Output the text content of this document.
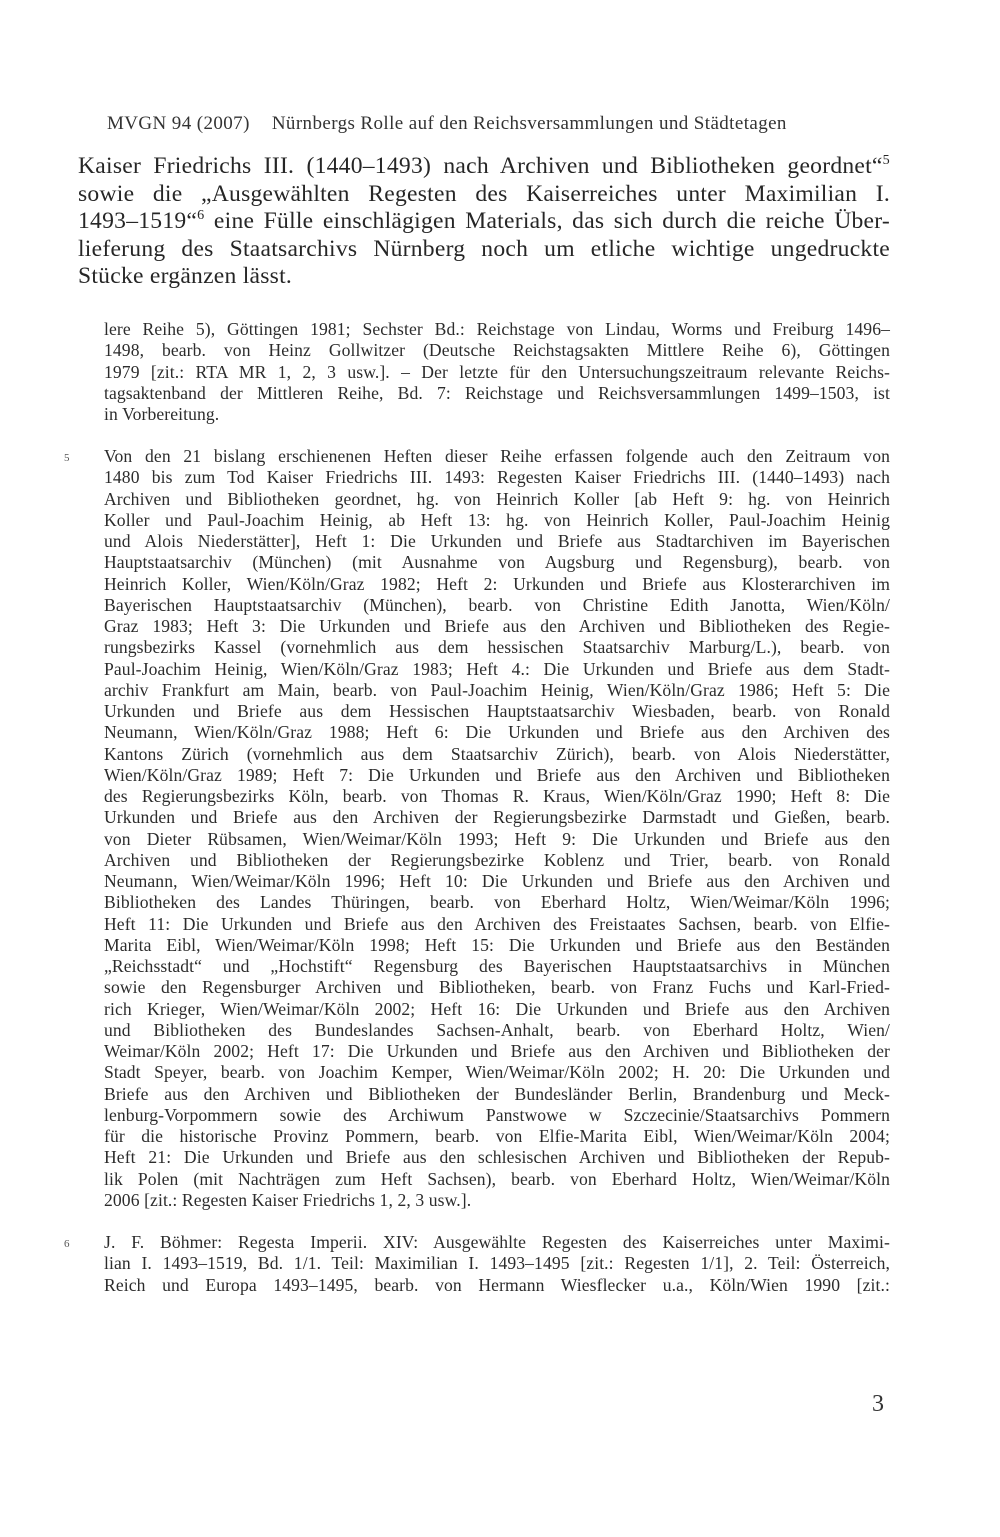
MVGN 94 (2007) Nürnbergs Rolle auf den Reichsversammlungen und Städtetagen
Kaiser Friedrichs III. (1440–1493) nach Archiven und Bibliotheken geordnet“$^5$
sowie die „Ausgewählten Regesten des Kaiserreiches unter Maximilian I.
1493–1519“$^6$ eine Fülle einschlägigen Materials, das sich durch die reiche Über-
lieferung des Staatsarchivs Nürnberg noch um etliche wichtige ungedruckte
Stücke ergänzen lässt.
lere Reihe 5), Göttingen 1981; Sechster Bd.: Reichstage von Lindau, Worms und Freiburg 1496–
1498, bearb. von Heinz Gollwitzer (Deutsche Reichstagsakten Mittlere Reihe 6), Göttingen
1979 [zit.: RTA MR 1, 2, 3 usw.]. – Der letzte für den Untersuchungszeitraum relevante Reichs-
tagsaktenband der Mittleren Reihe, Bd. 7: Reichstage und Reichsversammlungen 1499–1503, ist
in Vorbereitung.
5 Von den 21 bislang erschienenen Heften dieser Reihe erfassen folgende auch den Zeitraum von
1480 bis zum Tod Kaiser Friedrichs III. 1493: Regesten Kaiser Friedrichs III. (1440–1493) nach
Archiven und Bibliotheken geordnet, hg. von Heinrich Koller [ab Heft 9: hg. von Heinrich
Koller und Paul-Joachim Heinig, ab Heft 13: hg. von Heinrich Koller, Paul-Joachim Heinig
und Alois Niederstätter], Heft 1: Die Urkunden und Briefe aus Stadtarchiven im Bayerischen
Hauptstaatsarchiv (München) (mit Ausnahme von Augsburg und Regensburg), bearb. von
Heinrich Koller, Wien/Köln/Graz 1982; Heft 2: Urkunden und Briefe aus Klosterarchiven im
Bayerischen Hauptstaatsarchiv (München), bearb. von Christine Edith Janotta, Wien/Köln/
Graz 1983; Heft 3: Die Urkunden und Briefe aus den Archiven und Bibliotheken des Regie-
rungsbezirks Kassel (vornehmlich aus dem hessischen Staatsarchiv Marburg/L.), bearb. von
Paul-Joachim Heinig, Wien/Köln/Graz 1983; Heft 4.: Die Urkunden und Briefe aus dem Stadt-
archiv Frankfurt am Main, bearb. von Paul-Joachim Heinig, Wien/Köln/Graz 1986; Heft 5: Die
Urkunden und Briefe aus dem Hessischen Hauptstaatsarchiv Wiesbaden, bearb. von Ronald
Neumann, Wien/Köln/Graz 1988; Heft 6: Die Urkunden und Briefe aus den Archiven des
Kantons Zürich (vornehmlich aus dem Staatsarchiv Zürich), bearb. von Alois Niederstätter,
Wien/Köln/Graz 1989; Heft 7: Die Urkunden und Briefe aus den Archiven und Bibliotheken
des Regierungsbezirks Köln, bearb. von Thomas R. Kraus, Wien/Köln/Graz 1990; Heft 8: Die
Urkunden und Briefe aus den Archiven der Regierungsbezirke Darmstadt und Gießen, bearb.
von Dieter Rübsamen, Wien/Weimar/Köln 1993; Heft 9: Die Urkunden und Briefe aus den
Archiven und Bibliotheken der Regierungsbezirke Koblenz und Trier, bearb. von Ronald
Neumann, Wien/Weimar/Köln 1996; Heft 10: Die Urkunden und Briefe aus den Archiven und
Bibliotheken des Landes Thüringen, bearb. von Eberhard Holtz, Wien/Weimar/Köln 1996;
Heft 11: Die Urkunden und Briefe aus den Archiven des Freistaates Sachsen, bearb. von Elfie-
Marita Eibl, Wien/Weimar/Köln 1998; Heft 15: Die Urkunden und Briefe aus den Beständen
„Reichsstadt“ und „Hochstift“ Regensburg des Bayerischen Hauptstaatsarchivs in München
sowie den Regensburger Archiven und Bibliotheken, bearb. von Franz Fuchs und Karl-Fried-
rich Krieger, Wien/Weimar/Köln 2002; Heft 16: Die Urkunden und Briefe aus den Archiven
und Bibliotheken des Bundeslandes Sachsen-Anhalt, bearb. von Eberhard Holtz, Wien/
Weimar/Köln 2002; Heft 17: Die Urkunden und Briefe aus den Archiven und Bibliotheken der
Stadt Speyer, bearb. von Joachim Kemper, Wien/Weimar/Köln 2002; H. 20: Die Urkunden und
Briefe aus den Archiven und Bibliotheken der Bundesländer Berlin, Brandenburg und Meck-
lenburg-Vorpommern sowie des Archiwum Panstwowe w Szczecinie/Staatsarchivs Pommern
für die historische Provinz Pommern, bearb. von Elfie-Marita Eibl, Wien/Weimar/Köln 2004;
Heft 21: Die Urkunden und Briefe aus den schlesischen Archiven und Bibliotheken der Repub-
lik Polen (mit Nachträgen zum Heft Sachsen), bearb. von Eberhard Holtz, Wien/Weimar/Köln
2006 [zit.: Regesten Kaiser Friedrichs 1, 2, 3 usw.].
6 J. F. Böhmer: Regesta Imperii. XIV: Ausgewählte Regesten des Kaiserreiches unter Maximi-
lian I. 1493–1519, Bd. 1/1. Teil: Maximilian I. 1493–1495 [zit.: Regesten 1/1], 2. Teil: Österreich,
Reich und Europa 1493–1495, bearb. von Hermann Wiesflecker u.a., Köln/Wien 1990 [zit.:
3
